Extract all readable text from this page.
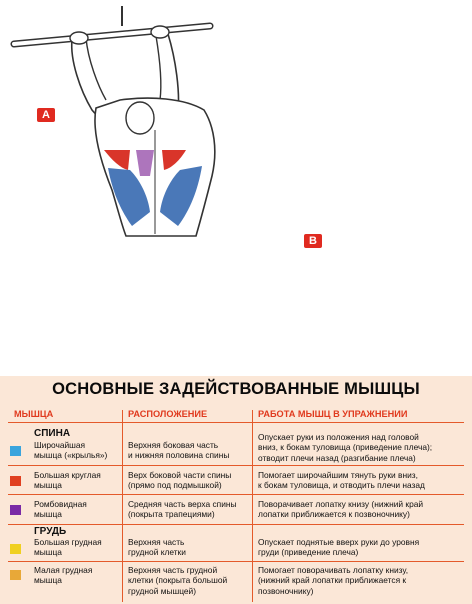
A
B
ОСНОВНЫЕ ЗАДЕЙСТВОВАННЫЕ МЫШЦЫ
МЫШЦА	РАСПОЛОЖЕНИЕ	РАБОТА МЫШЦ В УПРАЖНЕНИИ
СПИНА
Широчайшая
мышца («крылья»)
Верхняя боковая часть
и нижняя половина спины
Опускает руки из положения над головой
вниз, к бокам туловища (приведение плеча);
отводит плечи назад (разгибание плеча)
Большая круглая
мышца
Верх боковой части спины
(прямо под подмышкой)
Помогает широчайшим тянуть руки вниз,
к бокам туловища, и отводить плечи назад
Ромбовидная
мышца
Средняя часть верха спины
(покрыта трапециями)
Поворачивает лопатку книзу (нижний край
лопатки приближается к позвоночнику)
ГРУДЬ
Большая грудная
мышца
Верхняя часть
грудной клетки
Опускает поднятые вверх руки до уровня
груди (приведение плеча)
Малая грудная
мышца
Верхняя часть грудной
клетки (покрыта большой
грудной мышцей)
Помогает поворачивать лопатку книзу,
(нижний край лопатки приближается к
позвоночнику)
